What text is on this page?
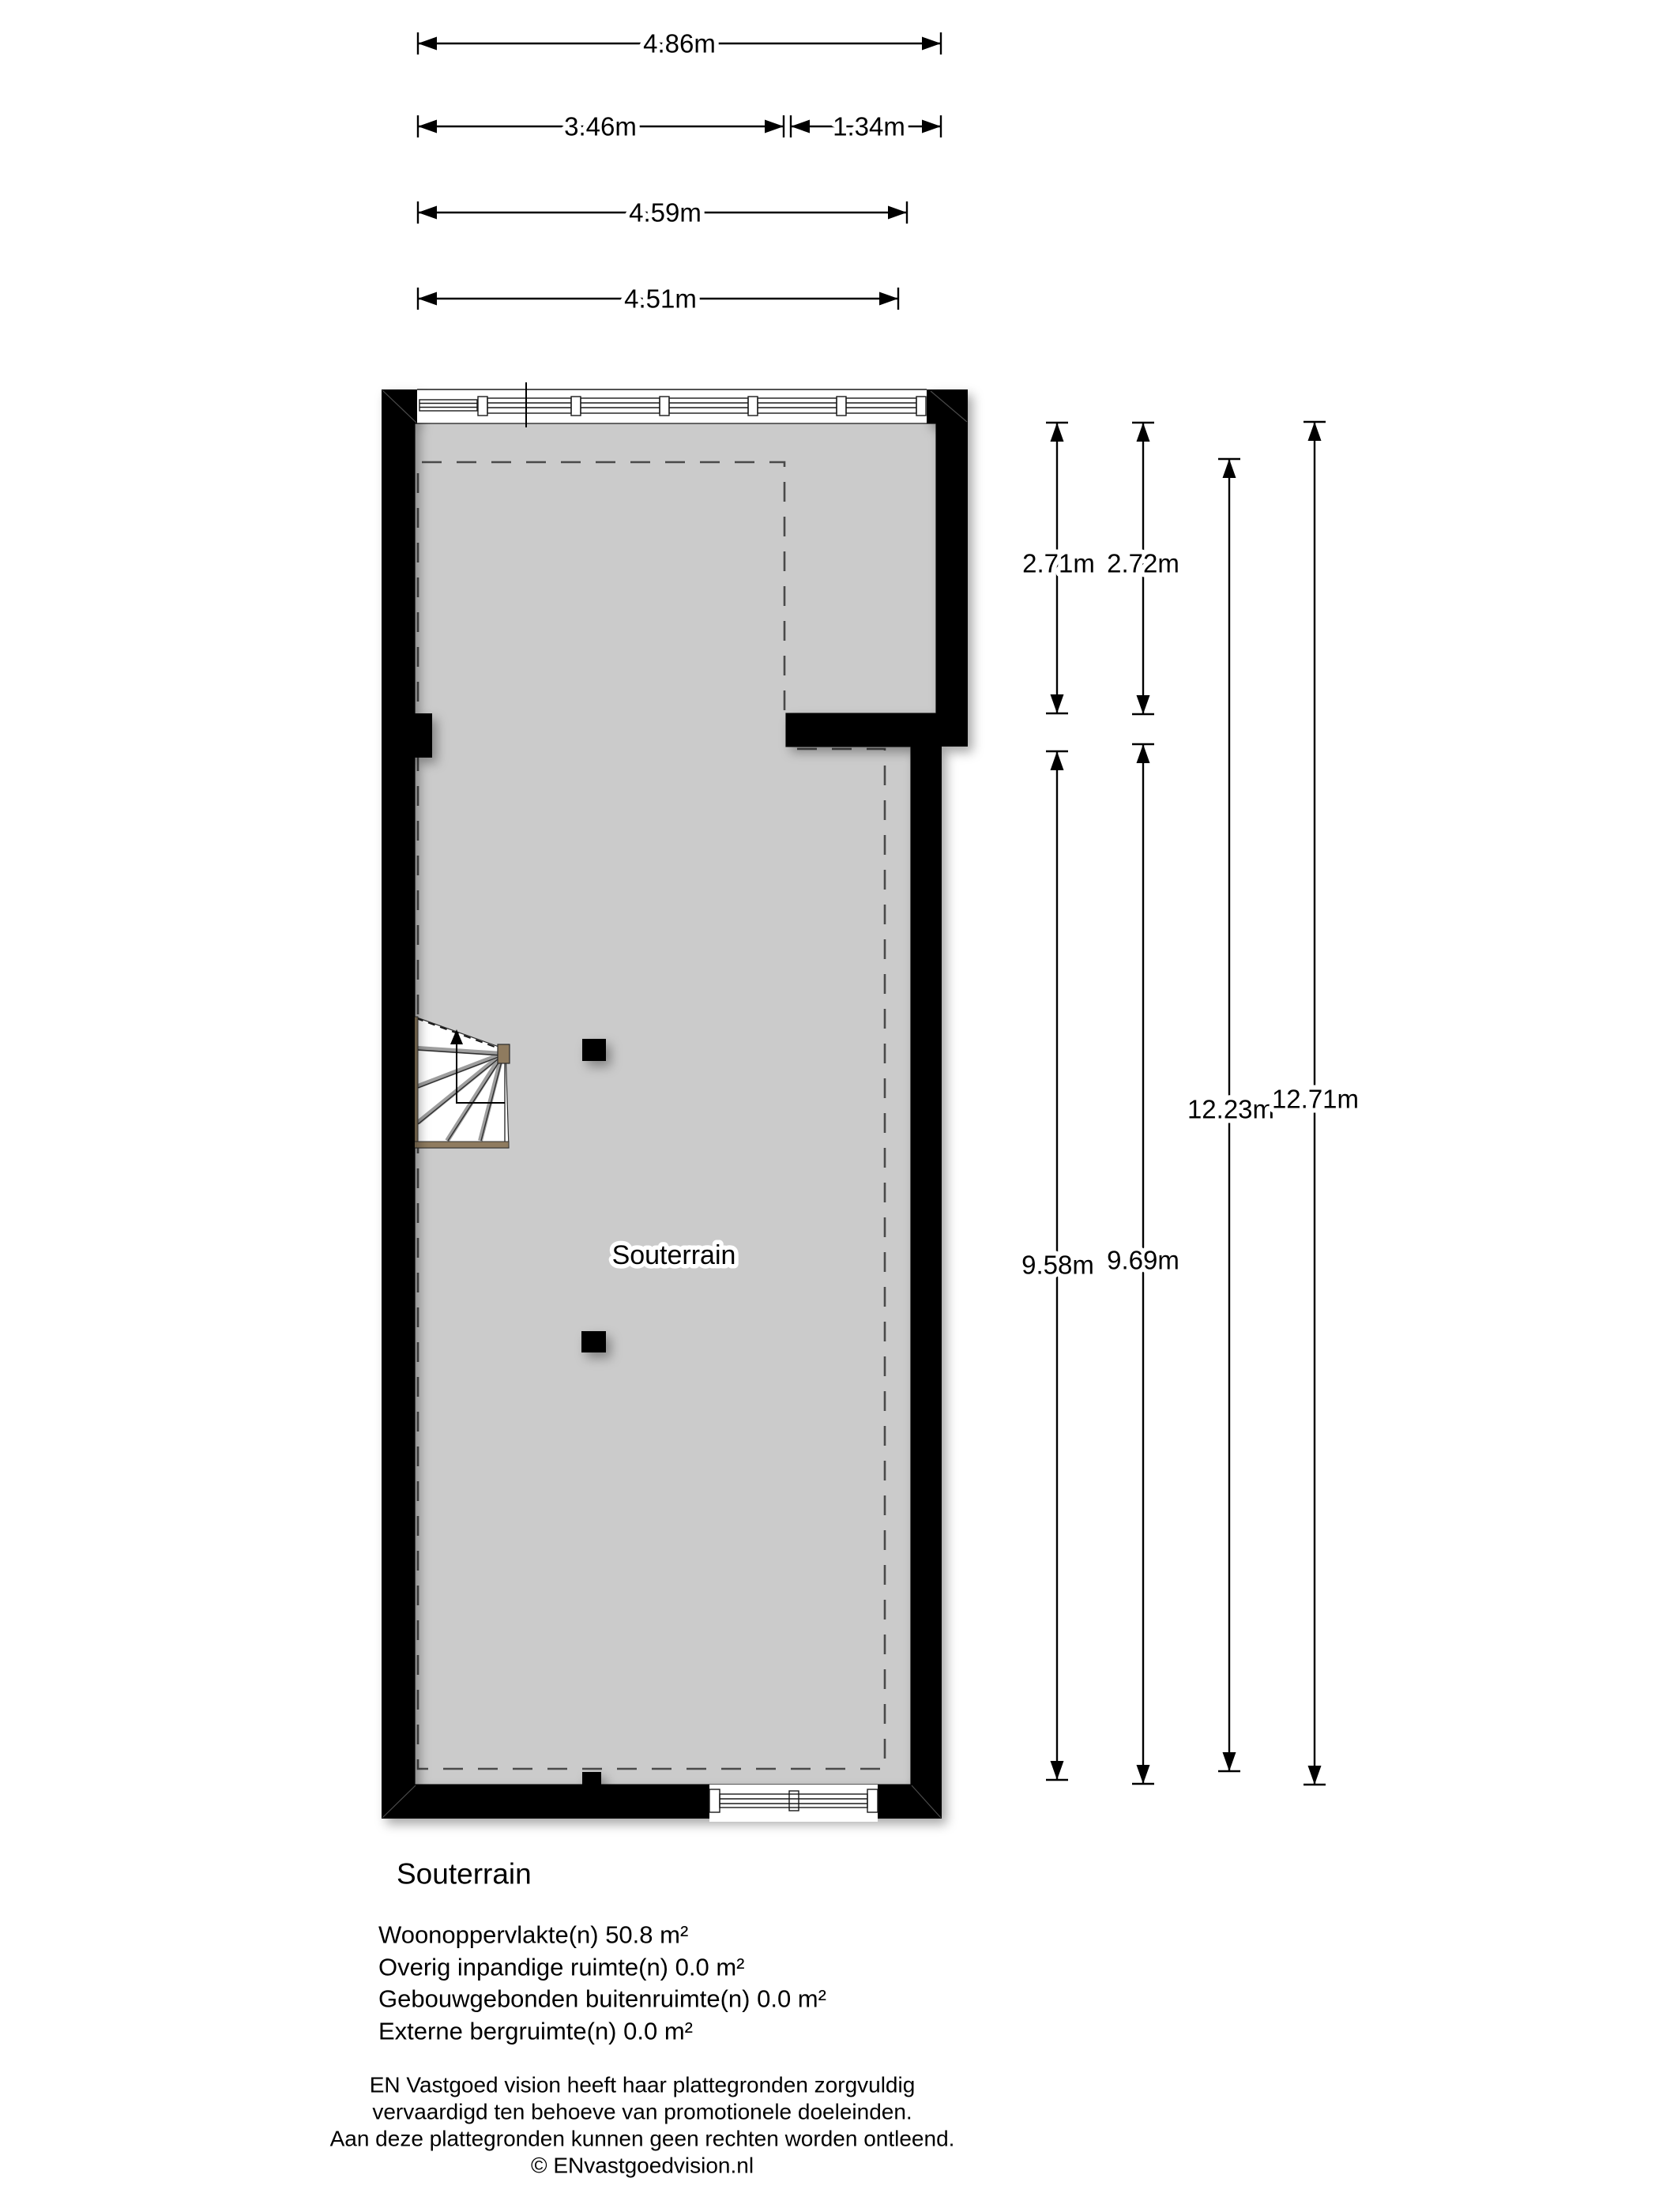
4.86m
3.46m	1.34m
4.59m
4.51m
2.71m 2.72m
9.58m 9.69m
12.23m
12.71m
Souterrain
Souterrain
Woonoppervlakte(n) 50.8 m²
Overig inpandige ruimte(n) 0.0 m²
Gebouwgebonden buitenruimte(n) 0.0 m²
Externe bergruimte(n) 0.0 m²
EN Vastgoed vision heeft haar plattegronden zorgvuldig
vervaardigd ten behoeve van promotionele doeleinden.
Aan deze plattegronden kunnen geen rechten worden ontleend.
© ENvastgoedvision.nl
